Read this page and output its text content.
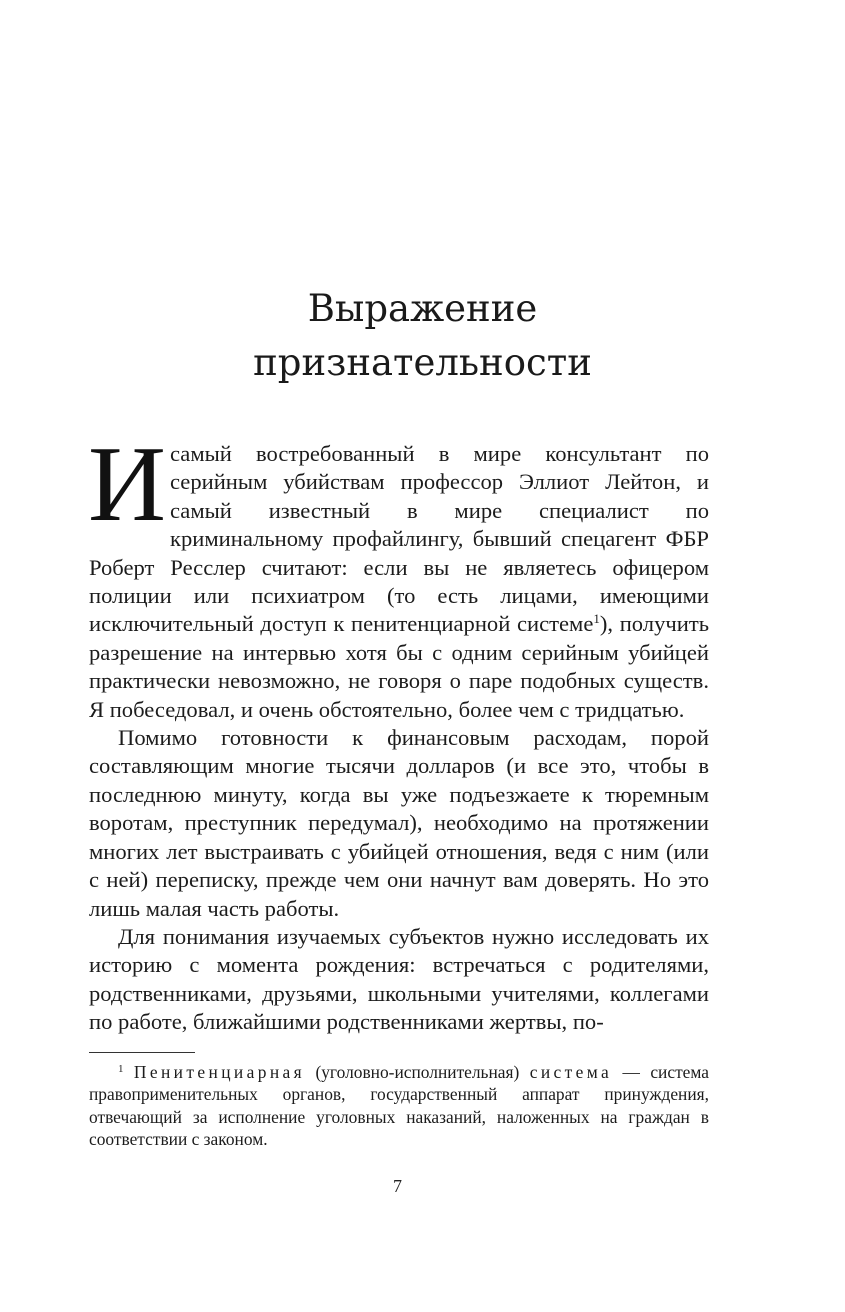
Выражение
признательности

Исамый востребованный в мире консультант по серийным убийствам профессор Эллиот Лейтон, и самый известный в мире специалист по криминальному профайлингу, бывший спецагент ФБР Роберт Ресслер считают: если вы не являетесь офицером полиции или психиатром (то есть лицами, имеющими исключительный доступ к пенитенциарной системе$^1$), получить разрешение на интервью хотя бы с одним серийным убийцей практически невозможно, не говоря о паре подобных существ. Я побеседовал, и очень обстоятельно, более чем с тридцатью.

Помимо готовности к финансовым расходам, порой составляющим многие тысячи долларов (и все это, чтобы в последнюю минуту, когда вы уже подъезжаете к тюремным воротам, преступник передумал), необходимо на протяжении многих лет выстраивать с убийцей отношения, ведя с ним (или с ней) переписку, прежде чем они начнут вам доверять. Но это лишь малая часть работы.

Для понимания изучаемых субъектов нужно исследовать их историю с момента рождения: встречаться с родителями, родственниками, друзьями, школьными учителями, коллегами по работе, ближайшими родственниками жертвы, по-

$^1$ Пенитенциарная (уголовно-исполнительная) система — система правоприменительных органов, государственный аппарат принуждения, отвечающий за исполнение уголовных наказаний, наложенных на граждан в соответствии с законом.

7
